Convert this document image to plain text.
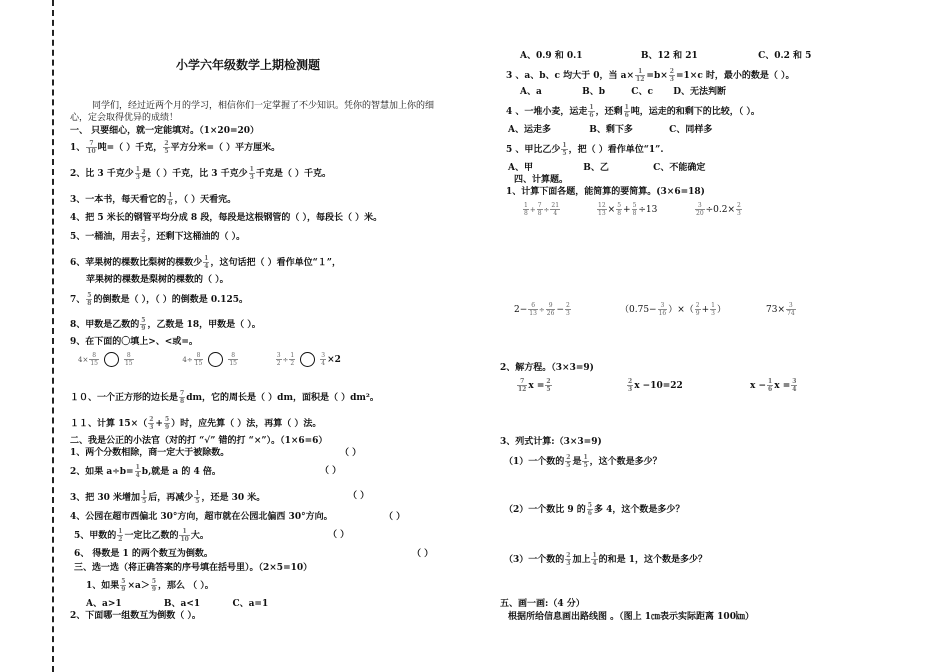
小学六年级数学上期检测题
同学们，经过近两个月的学习，相信你们一定掌握了不少知识。凭你的智慧加上你的细
心，定会取得优异的成绩！
一、 只要细心，就一定能填对。（1×20=20）
1、 $\frac{7}{10}$ 吨=（ ）千克， $\frac{2}{5}$ 平方分米=（ ）平方厘米。
2、比 3 千克少 $\frac{1}{3}$ 是（ ）千克，比 3 千克少 $\frac{1}{3}$ 千克是（ ）千克。
3、一本书，每天看它的 $\frac{1}{6}$ ，（ ）天看完。
4、把 5 米长的钢管平均分成 8 段，每段是这根钢管的（ ），每段长（ ）米。
5、一桶油，用去 $\frac{2}{5}$ ，还剩下这桶油的（ ）。
6、苹果树的棵数比梨树的棵数少 $\frac{1}{4}$ ，这句话把（ ）看作单位“１”，
苹果树的棵数是梨树的棵数的（ ）。
7、 $\frac{5}{8}$ 的倒数是（ ），（ ）的倒数是 0.125。
8、甲数是乙数的 $\frac{5}{9}$ ，乙数是 18，甲数是（ ）。
9、在下面的〇填上>、<或=。
$4\times \frac{8}{15}$	$\frac{8}{15}$	$4\div \frac{8}{15}$	$\frac{8}{15}$
	$\frac{3}{2} \div \frac{1}{2}$	$\frac{3}{4} \times 2$
１０、一个正方形的边长是 $\frac{7}{8}$ dm，它的周长是（ ）dm，面积是（ ）dm²。
１１、计算 $15\times( \frac{2}{3} + \frac{5}{9}$ ）时，应先算（ ）法，再算（ ）法。
二、我是公正的小法官（对的打 “√” 错的打 “×”）。（1×6=6）
1、两个分数相除，商一定大于被除数。	（ ）
2、如果 $a\div b= \frac{1}{4} b$,就是 a 的 4 倍。	（ ）
3、把 30 米增加 $\frac{1}{5}$ 后，再减少 $\frac{1}{5}$ ，还是 30 米。	（ ）
4、公园在超市西偏北 30°方向，超市就在公园北偏西 30°方向。	（ ）
5、甲数的 $\frac{1}{2}$ 一定比乙数的 $\frac{1}{10}$ 大。	（ ）
6、 得数是 1 的两个数互为倒数。	（ ）
三、选一选（将正确答案的序号填在括号里）。（2×5=10）
1、如果 $\frac{5}{9} \times a> \frac{5}{9}$ ，那么 （ ）。
A、a>1	B、a<1	C、a=1
2、下面哪一组数互为倒数（ ）。
A、0.9 和 0.1	B、12 和 21	C、0.2 和 5
3 、a、b、c 均大于 0，当 $a\times \frac{1}{12} =b\times \frac{2}{3} =1\times c$ 时，最小的数是（ ）。
A、a	B、b	C、c D、无法判断
4 、一堆小麦，运走 $\frac{1}{6}$ ，还剩 $\frac{1}{6}$ 吨，运走的和剩下的比较，（ ）。
A、运走多	B、剩下多	C、同样多
5 、甲比乙少 $\frac{1}{5}$ ，把（ ）看作单位“1”.
A、甲	B、乙	C、不能确定
四、计算题。
1、计算下面各题，能简算的要简算。(3×6=18)
$\frac{1}{8} + \frac{7}{8} \div \frac{21}{4}$	$\frac{12}{13} \times \frac{5}{8} + \frac{5}{8} \div 13$	$\frac{3}{20} \div 0.2\times \frac{2}{3}$
$2- \frac{6}{13} \div \frac{9}{26} - \frac{2}{3}$	（$0.75- \frac{3}{16}$ ）×（ $\frac{2}{9} + \frac{1}{3}$ ）	$73\times \frac{3}{74}$
2、解方程。（3×3=9)
$\frac{7}{12}$ $x = \frac{2}{5}$	$\frac{2}{3}$ x −10=22	$x - \frac{1}{6}$ $x = \frac{3}{4}$
3、列式计算:（3×3=9)
（1）一个数的 $\frac{2}{5}$ 是 $\frac{1}{5}$ ，这个数是多少？
（2）一个数比 9 的 $\frac{5}{6}$ 多 4，这个数是多少？
（3）一个数的 $\frac{2}{3}$ 加上 $\frac{1}{4}$ 的和是 1，这个数是多少？
五、画一画:（4 分）
根据所给信息画出路线图 。（图上 1㎝表示实际距离 100㎞）
